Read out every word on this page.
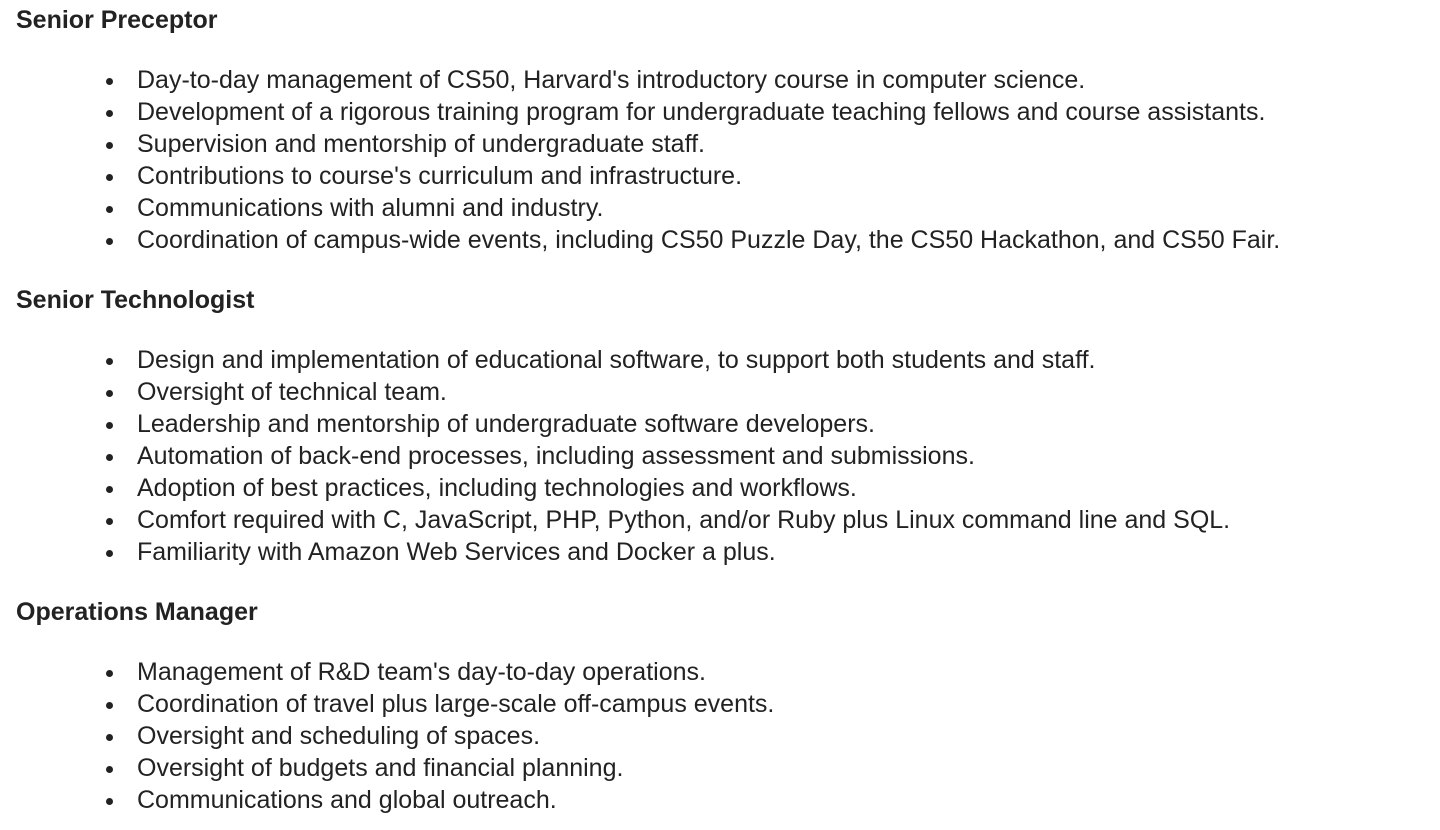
Senior Preceptor
Day-to-day management of CS50, Harvard's introductory course in computer science.
Development of a rigorous training program for undergraduate teaching fellows and course assistants.
Supervision and mentorship of undergraduate staff.
Contributions to course's curriculum and infrastructure.
Communications with alumni and industry.
Coordination of campus-wide events, including CS50 Puzzle Day, the CS50 Hackathon, and CS50 Fair.
Senior Technologist
Design and implementation of educational software, to support both students and staff.
Oversight of technical team.
Leadership and mentorship of undergraduate software developers.
Automation of back-end processes, including assessment and submissions.
Adoption of best practices, including technologies and workflows.
Comfort required with C, JavaScript, PHP, Python, and/or Ruby plus Linux command line and SQL.
Familiarity with Amazon Web Services and Docker a plus.
Operations Manager
Management of R&D team's day-to-day operations.
Coordination of travel plus large-scale off-campus events.
Oversight and scheduling of spaces.
Oversight of budgets and financial planning.
Communications and global outreach.
